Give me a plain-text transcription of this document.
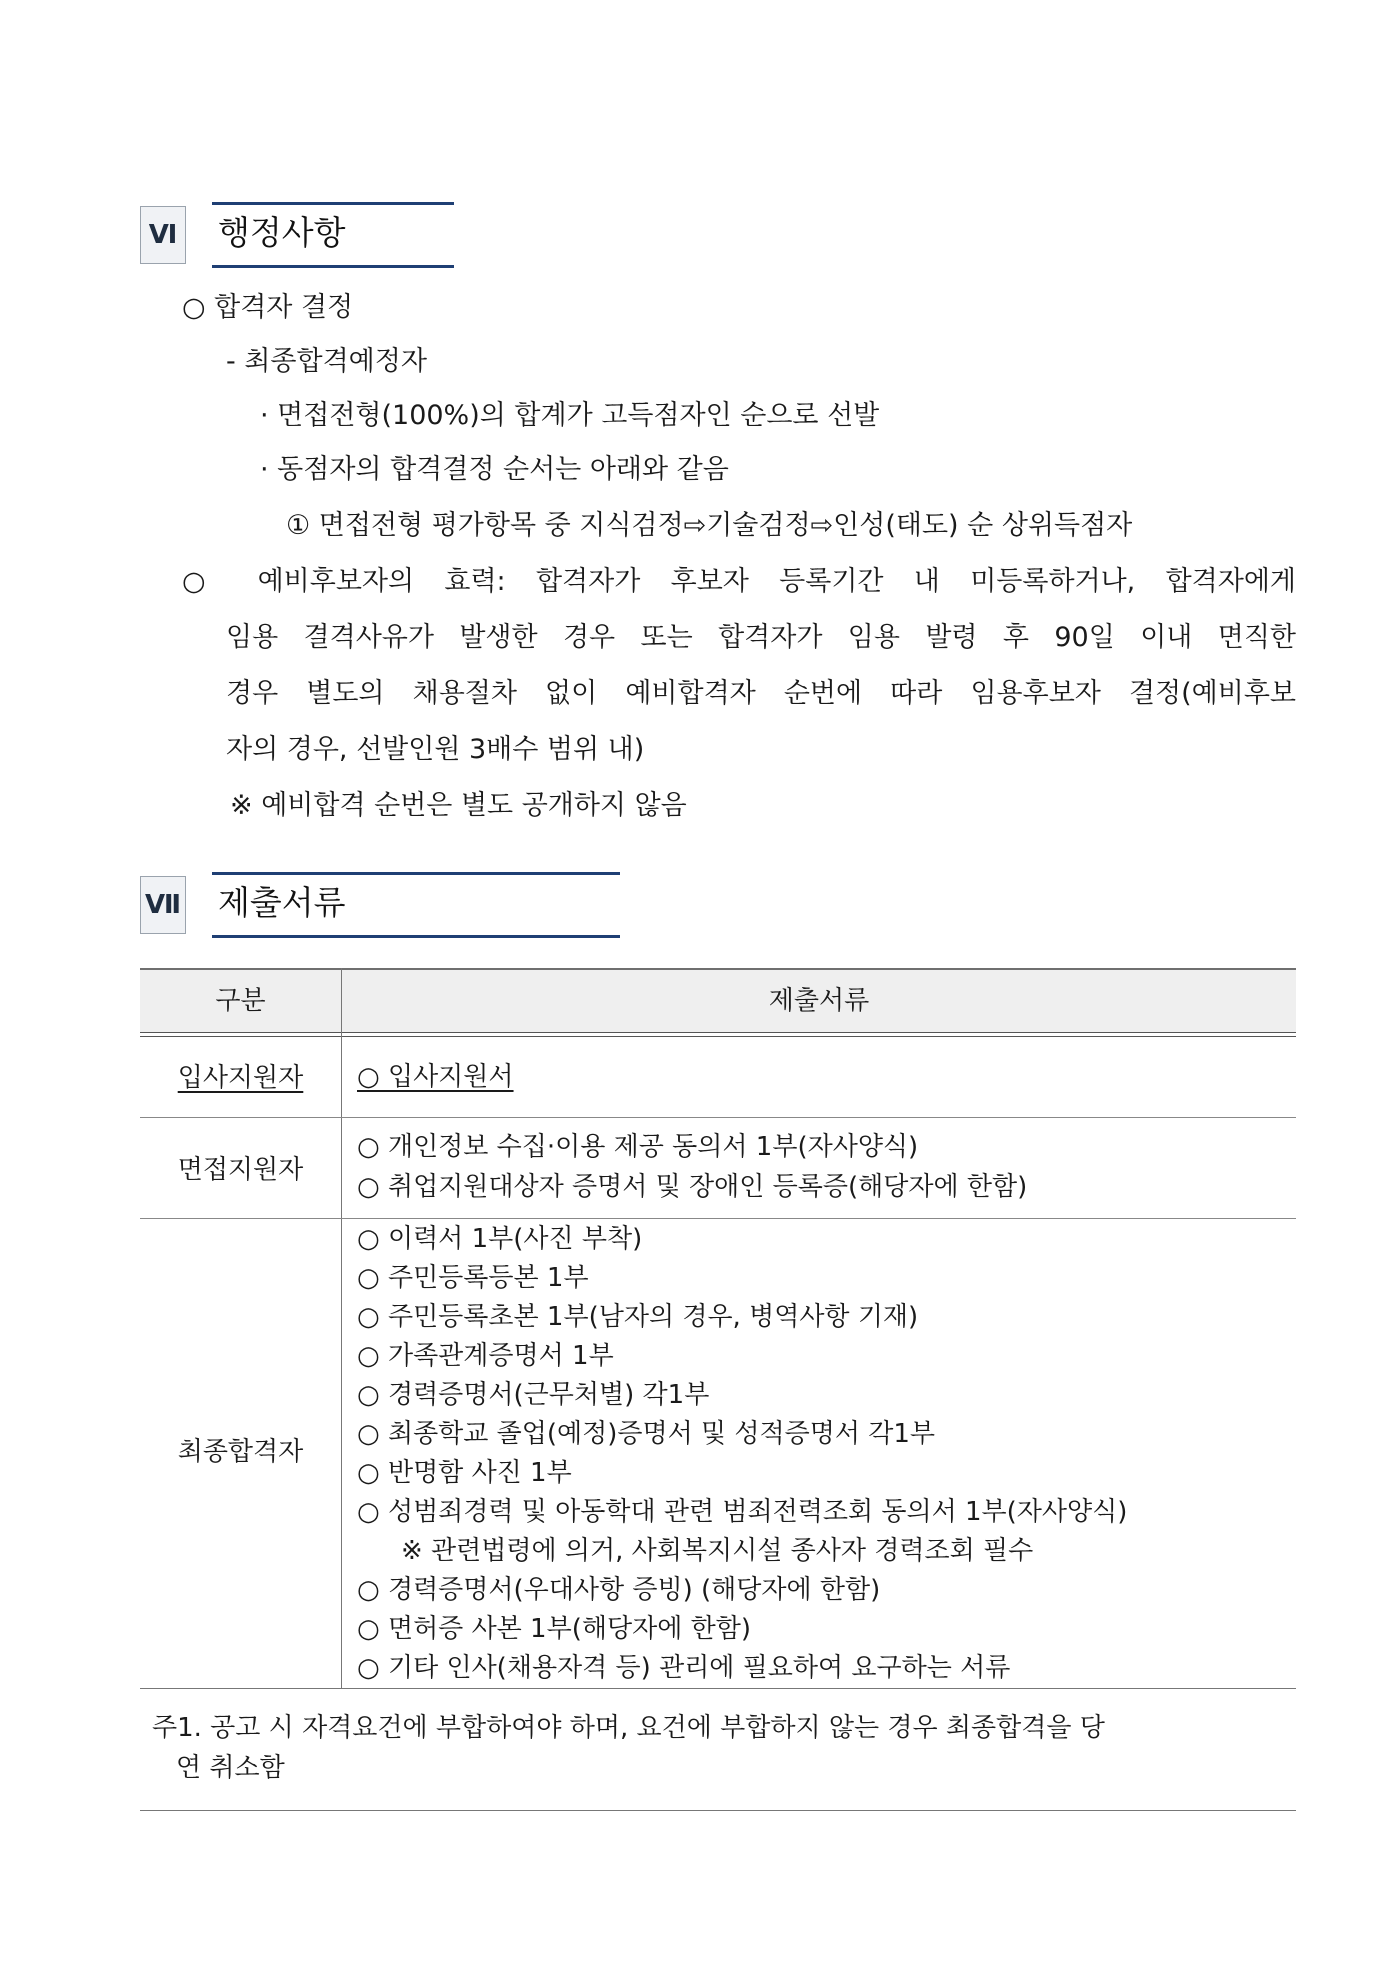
Ⅵ 행정사항
○ 합격자 결정
- 최종합격예정자
· 면접전형(100%)의 합계가 고득점자인 순으로 선발
· 동점자의 합격결정 순서는 아래와 같음
① 면접전형 평가항목 중 지식검정⇨기술검정⇨인성(태도) 순 상위득점자
○ 예비후보자의 효력: 합격자가 후보자 등록기간 내 미등록하거나, 합격자에게
임용 결격사유가 발생한 경우 또는 합격자가 임용 발령 후 90일 이내 면직한
경우 별도의 채용절차 없이 예비합격자 순번에 따라 임용후보자 결정(예비후보
자의 경우, 선발인원 3배수 범위 내)
※ 예비합격 순번은 별도 공개하지 않음
Ⅶ 제출서류
구분	제출서류
입사지원자	○ 입사지원서
면접지원자
○ 개인정보 수집·이용 제공 동의서 1부(자사양식)
○ 취업지원대상자 증명서 및 장애인 등록증(해당자에 한함)
최종합격자
○ 이력서 1부(사진 부착)
○ 주민등록등본 1부
○ 주민등록초본 1부(남자의 경우, 병역사항 기재)
○ 가족관계증명서 1부
○ 경력증명서(근무처별) 각1부
○ 최종학교 졸업(예정)증명서 및 성적증명서 각1부
○ 반명함 사진 1부
○ 성범죄경력 및 아동학대 관련 범죄전력조회 동의서 1부(자사양식)
※ 관련법령에 의거, 사회복지시설 종사자 경력조회 필수
○ 경력증명서(우대사항 증빙) (해당자에 한함)
○ 면허증 사본 1부(해당자에 한함)
○ 기타 인사(채용자격 등) 관리에 필요하여 요구하는 서류
주1. 공고 시 자격요건에 부합하여야 하며, 요건에 부합하지 않는 경우 최종합격을 당
연 취소함
